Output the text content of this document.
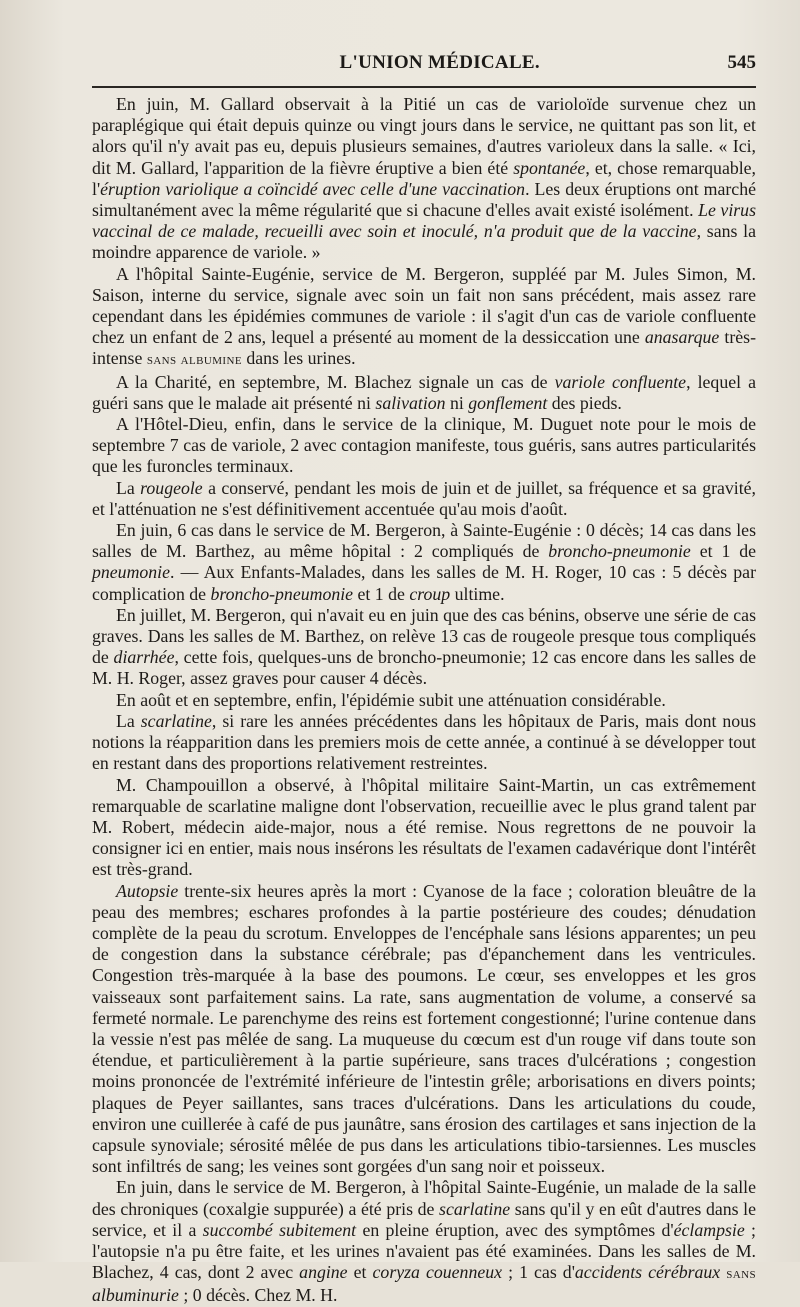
L'UNION MÉDICALE.	545

En juin, M. Gallard observait à la Pitié un cas de varioloïde survenue chez un paraplégique qui était depuis quinze ou vingt jours dans le service, ne quittant pas son lit, et alors qu'il n'y avait pas eu, depuis plusieurs semaines, d'autres varioleux dans la salle. « Ici, dit M. Gallard, l'apparition de la fièvre éruptive a bien été spontanée, et, chose remarquable, l'éruption variolique a coïncidé avec celle d'une vaccination. Les deux éruptions ont marché simultanément avec la même régularité que si chacune d'elles avait existé isolément. Le virus vaccinal de ce malade, recueilli avec soin et inoculé, n'a produit que de la vaccine, sans la moindre apparence de variole. »

A l'hôpital Sainte-Eugénie, service de M. Bergeron, suppléé par M. Jules Simon, M. Saison, interne du service, signale avec soin un fait non sans précédent, mais assez rare cependant dans les épidémies communes de variole : il s'agit d'un cas de variole confluente chez un enfant de 2 ans, lequel a présenté au moment de la dessiccation une anasarque très-intense sans albumine dans les urines.

A la Charité, en septembre, M. Blachez signale un cas de variole confluente, lequel a guéri sans que le malade ait présenté ni salivation ni gonflement des pieds.

A l'Hôtel-Dieu, enfin, dans le service de la clinique, M. Duguet note pour le mois de septembre 7 cas de variole, 2 avec contagion manifeste, tous guéris, sans autres particularités que les furoncles terminaux.

La rougeole a conservé, pendant les mois de juin et de juillet, sa fréquence et sa gravité, et l'atténuation ne s'est définitivement accentuée qu'au mois d'août.

En juin, 6 cas dans le service de M. Bergeron, à Sainte-Eugénie : 0 décès; 14 cas dans les salles de M. Barthez, au même hôpital : 2 compliqués de broncho-pneumonie et 1 de pneumonie. — Aux Enfants-Malades, dans les salles de M. H. Roger, 10 cas : 5 décès par complication de broncho-pneumonie et 1 de croup ultime.

En juillet, M. Bergeron, qui n'avait eu en juin que des cas bénins, observe une série de cas graves. Dans les salles de M. Barthez, on relève 13 cas de rougeole presque tous compliqués de diarrhée, cette fois, quelques-uns de broncho-pneumonie; 12 cas encore dans les salles de M. H. Roger, assez graves pour causer 4 décès.

En août et en septembre, enfin, l'épidémie subit une atténuation considérable.

La scarlatine, si rare les années précédentes dans les hôpitaux de Paris, mais dont nous notions la réapparition dans les premiers mois de cette année, a continué à se développer tout en restant dans des proportions relativement restreintes.

M. Champouillon a observé, à l'hôpital militaire Saint-Martin, un cas extrêmement remarquable de scarlatine maligne dont l'observation, recueillie avec le plus grand talent par M. Robert, médecin aide-major, nous a été remise. Nous regrettons de ne pouvoir la consigner ici en entier, mais nous insérons les résultats de l'examen cadavérique dont l'intérêt est très-grand.

Autopsie trente-six heures après la mort : Cyanose de la face ; coloration bleuâtre de la peau des membres; eschares profondes à la partie postérieure des coudes; dénudation complète de la peau du scrotum. Enveloppes de l'encéphale sans lésions apparentes; un peu de congestion dans la substance cérébrale; pas d'épanchement dans les ventricules. Congestion très-marquée à la base des poumons. Le cœur, ses enveloppes et les gros vaisseaux sont parfaitement sains. La rate, sans augmentation de volume, a conservé sa fermeté normale. Le parenchyme des reins est fortement congestionné; l'urine contenue dans la vessie n'est pas mêlée de sang. La muqueuse du cœcum est d'un rouge vif dans toute son étendue, et particulièrement à la partie supérieure, sans traces d'ulcérations ; congestion moins prononcée de l'extrémité inférieure de l'intestin grêle; arborisations en divers points; plaques de Peyer saillantes, sans traces d'ulcérations. Dans les articulations du coude, environ une cuillerée à café de pus jaunâtre, sans érosion des cartilages et sans injection de la capsule synoviale; sérosité mêlée de pus dans les articulations tibio-tarsiennes. Les muscles sont infiltrés de sang; les veines sont gorgées d'un sang noir et poisseux.

En juin, dans le service de M. Bergeron, à l'hôpital Sainte-Eugénie, un malade de la salle des chroniques (coxalgie suppurée) a été pris de scarlatine sans qu'il y en eût d'autres dans le service, et il a succombé subitement en pleine éruption, avec des symptômes d'éclampsie ; l'autopsie n'a pu être faite, et les urines n'avaient pas été examinées. Dans les salles de M. Blachez, 4 cas, dont 2 avec angine et coryza couenneux ; 1 cas d'accidents cérébraux sans albuminurie ; 0 décès. Chez M. H.
